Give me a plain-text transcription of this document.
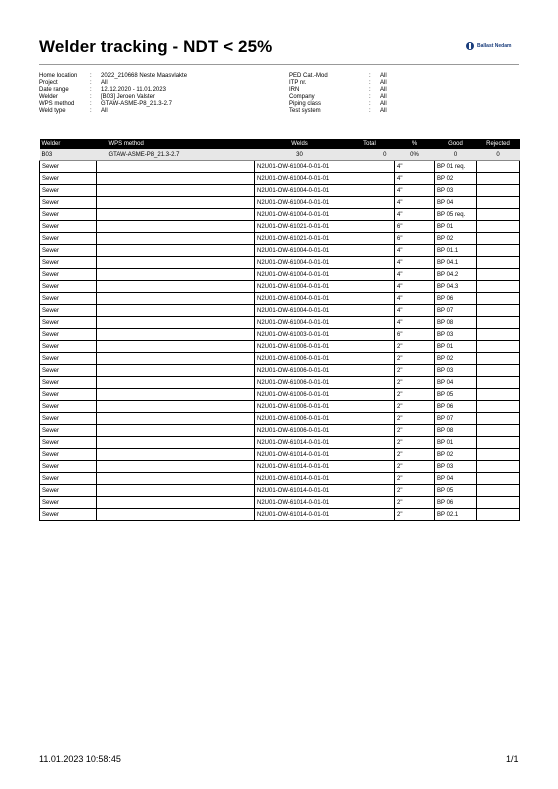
Welder tracking - NDT < 25%	Ballast Nedam
Home location	:	2022_210668 Neste Maasvlakte
Project	:	All
Date range	:	12.12.2020 - 11.01.2023
Welder	:	[B03] Jeroen Valster
WPS method	:	GTAW-ASME-P8_21.3-2.7
Weld type	:	All
PED Cat.-Mod	:	All
ITP nr.	:	All
IRN	:	All
Company	:	All
Piping class	:	All
Test system	:	All
Welder	WPS method	Welds	Total	%	Good	Rejected
B03	GTAW-ASME-P8_21.3-2.7	30	0	0%	0	0
Sewer		N2U01-OW-61004-0-01-01		4"	BP 01 req.	
Sewer		N2U01-OW-61004-0-01-01		4"	BP 02	
Sewer		N2U01-OW-61004-0-01-01		4"	BP 03	
Sewer		N2U01-OW-61004-0-01-01		4"	BP 04	
Sewer		N2U01-OW-61004-0-01-01		4"	BP 05 req.	
Sewer		N2U01-OW-61021-0-01-01		6"	BP 01	
Sewer		N2U01-OW-61021-0-01-01		6"	BP 02	
Sewer		N2U01-OW-61004-0-01-01		4"	BP 01.1	
Sewer		N2U01-OW-61004-0-01-01		4"	BP 04.1	
Sewer		N2U01-OW-61004-0-01-01		4"	BP 04.2	
Sewer		N2U01-OW-61004-0-01-01		4"	BP 04.3	
Sewer		N2U01-OW-61004-0-01-01		4"	BP 06	
Sewer		N2U01-OW-61004-0-01-01		4"	BP 07	
Sewer		N2U01-OW-61004-0-01-01		4"	BP 08	
Sewer		N2U01-OW-61003-0-01-01		6"	BP 03	
Sewer		N2U01-OW-61006-0-01-01		2"	BP 01	
Sewer		N2U01-OW-61006-0-01-01		2"	BP 02	
Sewer		N2U01-OW-61006-0-01-01		2"	BP 03	
Sewer		N2U01-OW-61006-0-01-01		2"	BP 04	
Sewer		N2U01-OW-61006-0-01-01		2"	BP 05	
Sewer		N2U01-OW-61006-0-01-01		2"	BP 06	
Sewer		N2U01-OW-61006-0-01-01		2"	BP 07	
Sewer		N2U01-OW-61006-0-01-01		2"	BP 08	
Sewer		N2U01-OW-61014-0-01-01		2"	BP 01	
Sewer		N2U01-OW-61014-0-01-01		2"	BP 02	
Sewer		N2U01-OW-61014-0-01-01		2"	BP 03	
Sewer		N2U01-OW-61014-0-01-01		2"	BP 04	
Sewer		N2U01-OW-61014-0-01-01		2"	BP 05	
Sewer		N2U01-OW-61014-0-01-01		2"	BP 06	
Sewer		N2U01-OW-61014-0-01-01		2"	BP 02.1	
11.01.2023 10:58:45	1/1
